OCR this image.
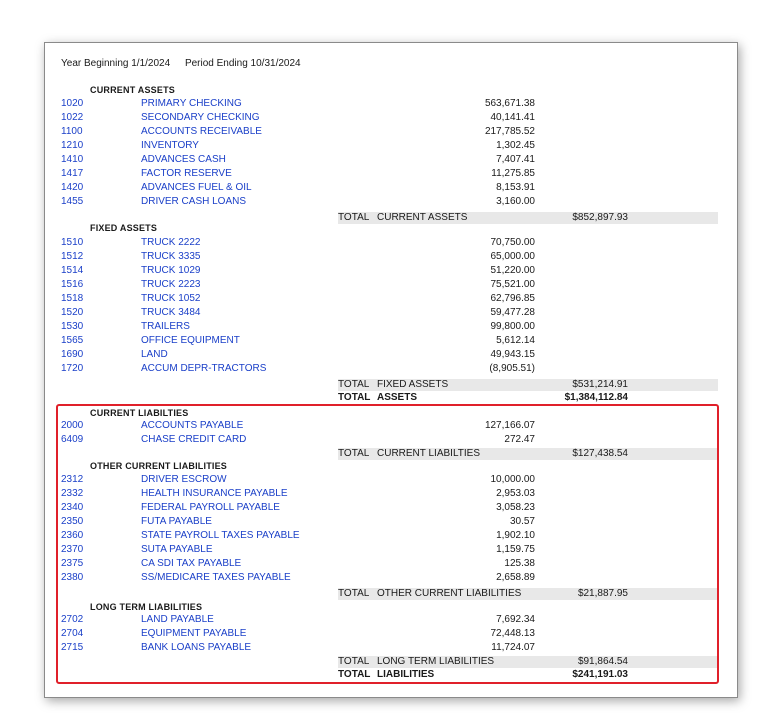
Year Beginning 1/1/2024 Period Ending 10/31/2024
CURRENT ASSETS
1020	PRIMARY CHECKING	563,671.38
1022	SECONDARY CHECKING	40,141.41
1100	ACCOUNTS RECEIVABLE	217,785.52
1210	INVENTORY	1,302.45
1410	ADVANCES CASH	7,407.41
1417	FACTOR RESERVE	11,275.85
1420	ADVANCES FUEL & OIL	8,153.91
1455	DRIVER CASH LOANS	3,160.00
TOTAL CURRENT ASSETS	$852,897.93
FIXED ASSETS
1510	TRUCK 2222	70,750.00
1512	TRUCK 3335	65,000.00
1514	TRUCK 1029	51,220.00
1516	TRUCK 2223	75,521.00
1518	TRUCK 1052	62,796.85
1520	TRUCK 3484	59,477.28
1530	TRAILERS	99,800.00
1565	OFFICE EQUIPMENT	5,612.14
1690	LAND	49,943.15
1720	ACCUM DEPR-TRACTORS	(8,905.51)
TOTAL FIXED ASSETS	$531,214.91
TOTAL ASSETS	$1,384,112.84
CURRENT LIABILTIES
2000	ACCOUNTS PAYABLE	127,166.07
6409	CHASE CREDIT CARD	272.47
TOTAL CURRENT LIABILTIES	$127,438.54
OTHER CURRENT LIABILITIES
2312	DRIVER ESCROW	10,000.00
2332	HEALTH INSURANCE PAYABLE	2,953.03
2340	FEDERAL PAYROLL PAYABLE	3,058.23
2350	FUTA PAYABLE	30.57
2360	STATE PAYROLL TAXES PAYABLE	1,902.10
2370	SUTA PAYABLE	1,159.75
2375	CA SDI TAX PAYABLE	125.38
2380	SS/MEDICARE TAXES PAYABLE	2,658.89
TOTAL OTHER CURRENT LIABILITIES	$21,887.95
LONG TERM LIABILITIES
2702	LAND PAYABLE	7,692.34
2704	EQUIPMENT PAYABLE	72,448.13
2715	BANK LOANS PAYABLE	11,724.07
TOTAL LONG TERM LIABILITIES	$91,864.54
TOTAL LIABILITIES	$241,191.03
